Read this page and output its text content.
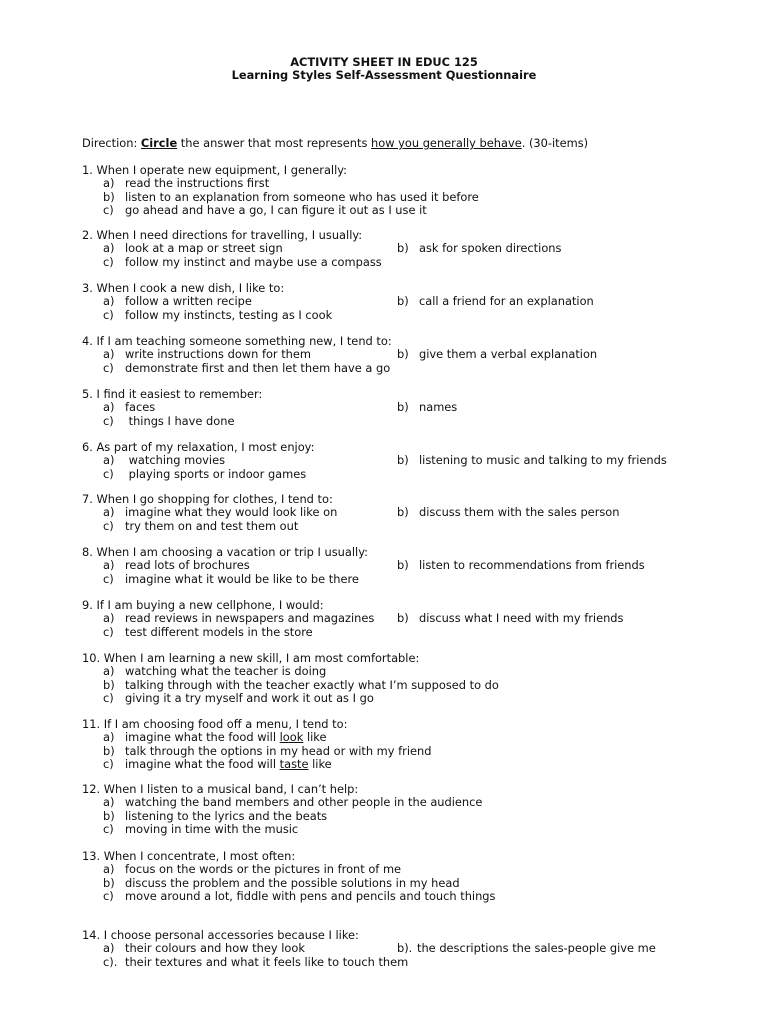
ACTIVITY SHEET IN EDUC 125
Learning Styles Self-Assessment Questionnaire
Direction: Circle the answer that most represents how you generally behave. (30-items)
1. When I operate new equipment, I generally:
a) read the instructions first
b) listen to an explanation from someone who has used it before
c) go ahead and have a go, I can figure it out as I use it
2. When I need directions for travelling, I usually:
a) look at a map or street sign	b) ask for spoken directions
c) follow my instinct and maybe use a compass
3. When I cook a new dish, I like to:
a) follow a written recipe	b) call a friend for an explanation
c) follow my instincts, testing as I cook
4. If I am teaching someone something new, I tend to:
a) write instructions down for them	b) give them a verbal explanation
c) demonstrate first and then let them have a go
5. I find it easiest to remember:
a) faces	b) names
c) things I have done
6. As part of my relaxation, I most enjoy:
a) watching movies	b) listening to music and talking to my friends
c) playing sports or indoor games
7. When I go shopping for clothes, I tend to:
a) imagine what they would look like on	b) discuss them with the sales person
c) try them on and test them out
8. When I am choosing a vacation or trip I usually:
a) read lots of brochures	b) listen to recommendations from friends
c) imagine what it would be like to be there
9. If I am buying a new cellphone, I would:
a) read reviews in newspapers and magazines b) discuss what I need with my friends
c) test different models in the store
10. When I am learning a new skill, I am most comfortable:
a) watching what the teacher is doing
b) talking through with the teacher exactly what I’m supposed to do
c) giving it a try myself and work it out as I go
11. If I am choosing food off a menu, I tend to:
a) imagine what the food will look like
b) talk through the options in my head or with my friend
c) imagine what the food will taste like
12. When I listen to a musical band, I can’t help:
a) watching the band members and other people in the audience
b) listening to the lyrics and the beats
c) moving in time with the music
13. When I concentrate, I most often:
a) focus on the words or the pictures in front of me
b) discuss the problem and the possible solutions in my head
c) move around a lot, fiddle with pens and pencils and touch things
14. I choose personal accessories because I like:
a) their colours and how they look	b). the descriptions the sales-people give me
c). their textures and what it feels like to touch them
